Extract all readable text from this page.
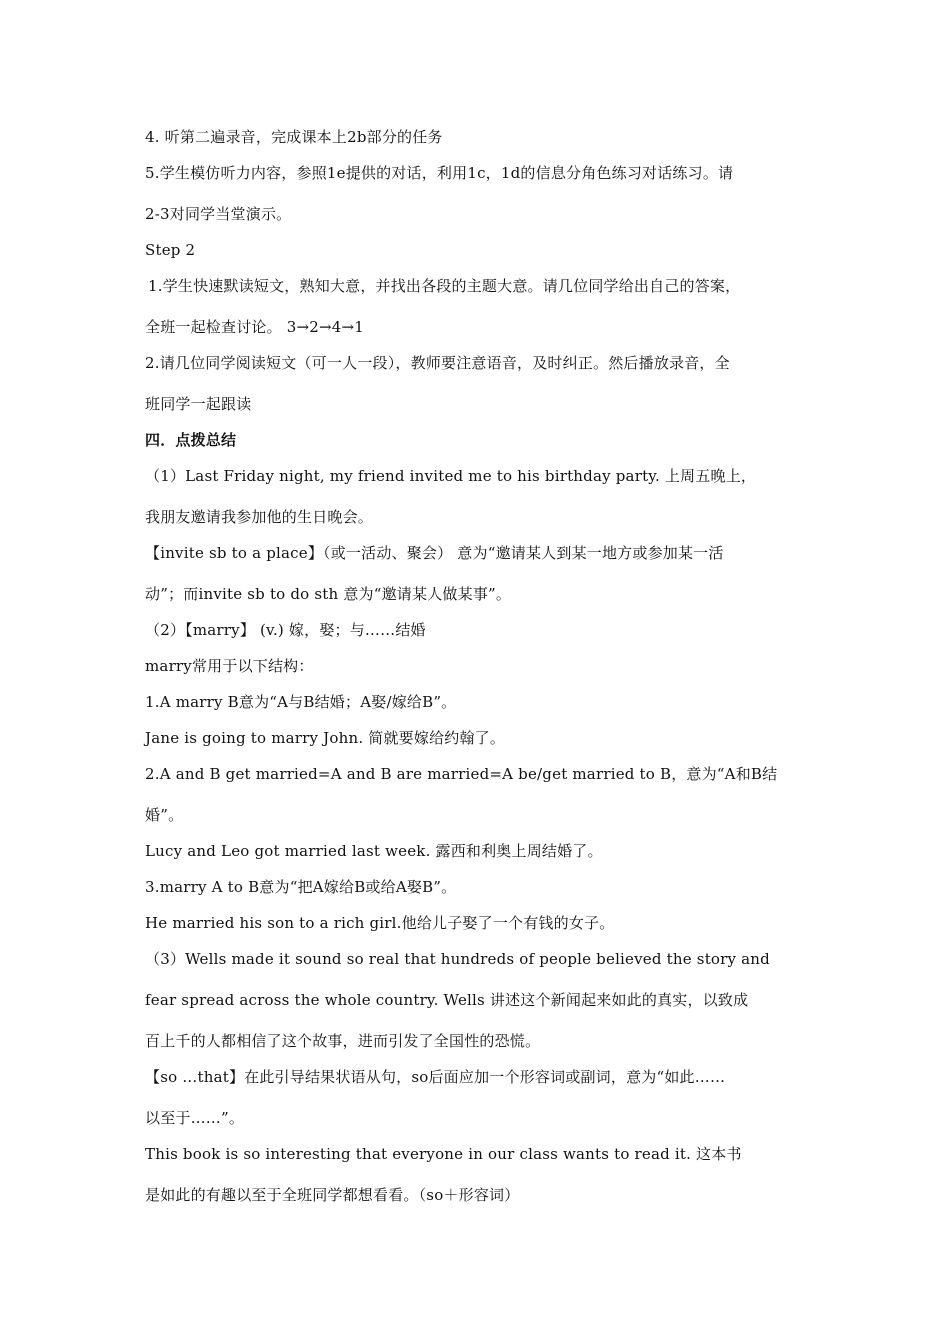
4. 听第二遍录音，完成课本上2b部分的任务
5.学生模仿听力内容，参照1e提供的对话，利用1c，1d的信息分角色练习对话练习。请
2-3对同学当堂演示。
Step 2
1.学生快速默读短文，熟知大意，并找出各段的主题大意。请几位同学给出自己的答案，
全班一起检查讨论。 3→2→4→1
2.请几位同学阅读短文（可一人一段），教师要注意语音，及时纠正。然后播放录音，全
班同学一起跟读
四．点拨总结
（1）Last Friday night, my friend invited me to his birthday party. 上周五晚上，
我朋友邀请我参加他的生日晚会。
【invite sb to a place】（或一活动、聚会） 意为“邀请某人到某一地方或参加某一活
动”；而invite sb to do sth 意为“邀请某人做某事”。
（2）【marry】 (v.) 嫁，娶；与……结婚
marry常用于以下结构：
1.A marry B意为“A与B结婚；A娶/嫁给B”。
Jane is going to marry John. 简就要嫁给约翰了。
2.A and B get married=A and B are married=A be/get married to B，意为“A和B结
婚”。
Lucy and Leo got married last week. 露西和利奥上周结婚了。
3.marry A to B意为“把A嫁给B或给A娶B”。
He married his son to a rich girl.他给儿子娶了一个有钱的女子。
（3）Wells made it sound so real that hundreds of people believed the story and
fear spread across the whole country. Wells 讲述这个新闻起来如此的真实，以致成
百上千的人都相信了这个故事，进而引发了全国性的恐慌。
【so …that】在此引导结果状语从句，so后面应加一个形容词或副词，意为“如此……
以至于……”。
This book is so interesting that everyone in our class wants to read it. 这本书
是如此的有趣以至于全班同学都想看看。（so＋形容词）
